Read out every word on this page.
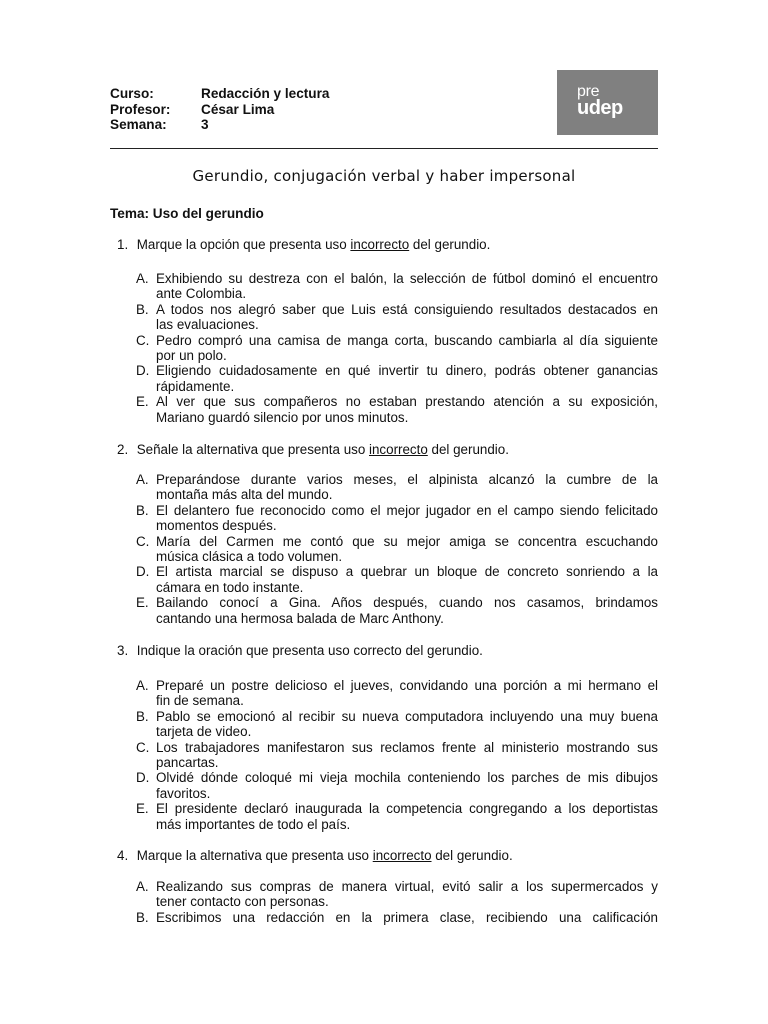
Curso:	Redacción y lectura
Profesor:	César Lima
Semana:	3
pre
udep
Gerundio, conjugación verbal y haber impersonal
Tema: Uso del gerundio
1. Marque la opción que presenta uso incorrecto del gerundio.
A. Exhibiendo su destreza con el balón, la selección de fútbol dominó el encuentro
ante Colombia.
B. A todos nos alegró saber que Luis está consiguiendo resultados destacados en
las evaluaciones.
C. Pedro compró una camisa de manga corta, buscando cambiarla al día siguiente
por un polo.
D. Eligiendo cuidadosamente en qué invertir tu dinero, podrás obtener ganancias
rápidamente.
E. Al ver que sus compañeros no estaban prestando atención a su exposición,
Mariano guardó silencio por unos minutos.
2. Señale la alternativa que presenta uso incorrecto del gerundio.
A. Preparándose durante varios meses, el alpinista alcanzó la cumbre de la
montaña más alta del mundo.
B. El delantero fue reconocido como el mejor jugador en el campo siendo felicitado
momentos después.
C. María del Carmen me contó que su mejor amiga se concentra escuchando
música clásica a todo volumen.
D. El artista marcial se dispuso a quebrar un bloque de concreto sonriendo a la
cámara en todo instante.
E. Bailando conocí a Gina. Años después, cuando nos casamos, brindamos
cantando una hermosa balada de Marc Anthony.
3. Indique la oración que presenta uso correcto del gerundio.
A. Preparé un postre delicioso el jueves, convidando una porción a mi hermano el
fin de semana.
B. Pablo se emocionó al recibir su nueva computadora incluyendo una muy buena
tarjeta de video.
C. Los trabajadores manifestaron sus reclamos frente al ministerio mostrando sus
pancartas.
D. Olvidé dónde coloqué mi vieja mochila conteniendo los parches de mis dibujos
favoritos.
E. El presidente declaró inaugurada la competencia congregando a los deportistas
más importantes de todo el país.
4. Marque la alternativa que presenta uso incorrecto del gerundio.
A. Realizando sus compras de manera virtual, evitó salir a los supermercados y
tener contacto con personas.
B. Escribimos una redacción en la primera clase, recibiendo una calificación
